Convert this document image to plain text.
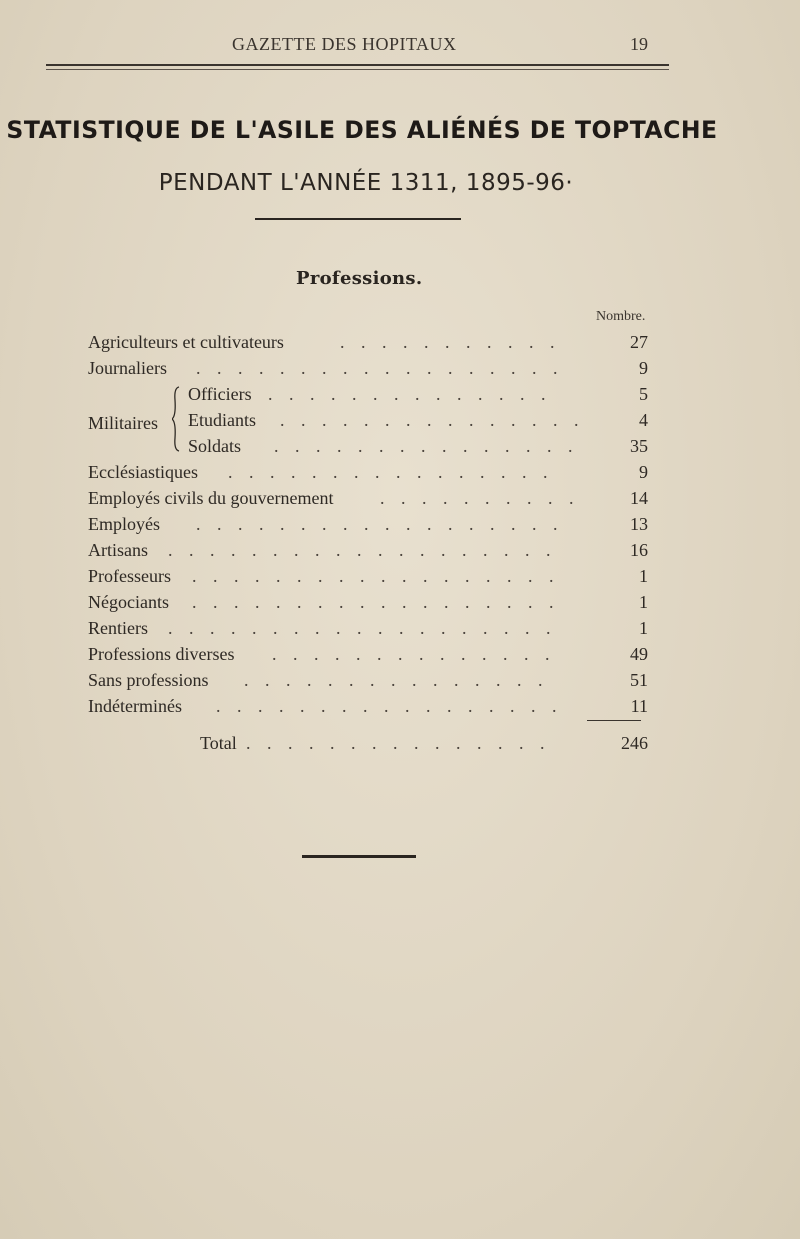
GAZETTE DES HOPITAUX	19
STATISTIQUE DE L'ASILE DES ALIÉNÉS DE TOPTACHE
PENDANT L'ANNÉE 1311, 1895-96·
Professions.
Nombre.
Agriculteurs et cultivateurs	. . . . . . . . . . .	27
Journaliers . . . . . . . . . . . . . . . . . .	9
Militaires
Officiers . . . . . . . . . . . . . .	5
Etudiants . . . . . . . . . . . . . . .	4
Soldats . . . . . . . . . . . . . . .	35
Ecclésiastiques . . . . . . . . . . . . . . . .	9
Employés civils du gouvernement	. . . . . . . . . .	14
Employés . . . . . . . . . . . . . . . . . .	13
Artisans . . . . . . . . . . . . . . . . . . .	16
Professeurs . . . . . . . . . . . . . . . . . .	1
Négociants . . . . . . . . . . . . . . . . . .	1
Rentiers . . . . . . . . . . . . . . . . . . .	1
Professions diverses . . . . . . . . . . . . . .	49
Sans professions . . . . . . . . . . . . . . .	51
Indéterminés . . . . . . . . . . . . . . . . .	11
Total . . . . . . . . . . . . . . .	246
